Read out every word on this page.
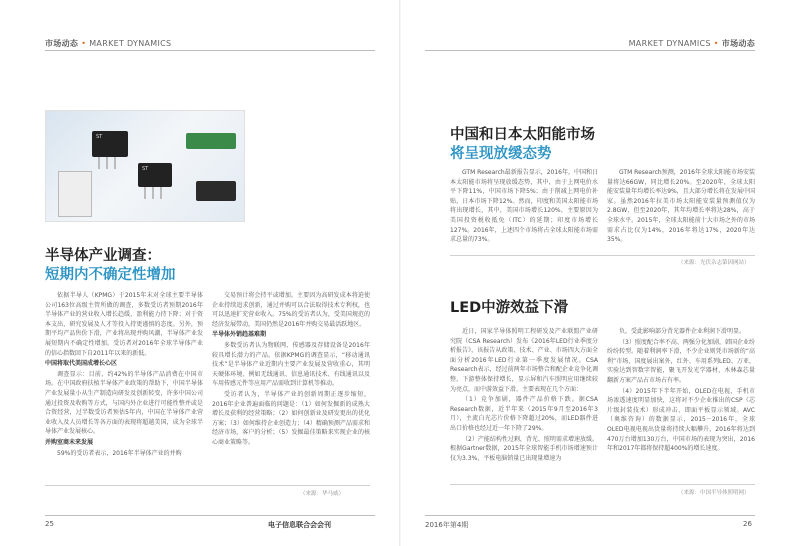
市场动态 • MARKET DYNAMICS	MARKET DYNAMICS • 市场动态
ST
ST
半导体产业调查：
短期内不确定性增加

依据半导人（KPMG）于2015年末对全球主要半导体公司163位高级主管所做的调查，多数受访者预期2016年半导体产业的营业收入增长趋缓、盈利能力持下降；对于资本支出、研究发展及人才等投入持更谨慎的态度。另外，预期平均产品售价下滑，产业将出现并购风潮，半导体产业发展短期内不确定性增加。受访者对2016年全球半导体产业的信心指数回下自2011年以来的新低。

中国将取代美国成增长心区

调查显示：目前，约42%的半导体产品消费在中国市场。在中国政府扶植半导体产业政策的帮助下，中国半导体产业发展量小从生产制造向研发及创新转变，许多中国公司通过投资及收购等方式，与国内外企业进行可能性整并或是合资经营，过半数受访者预估5年内，中国在半导体产业营业收入及人员增长等各方面的表现将超越美国，成为全球半导体产业发展核心。

并购室商未来发展

59%的受访者表示，2016年半导体产业的并购

交易预计将会持平或增加。主要因为高研发成本将迫使企业持续追求创新，通过并购可以合法取得技术专利权，也可以迅速扩充营业收入。75%的受访者认为，受美国规范的经济发展带动，美国仍然是2016年并购交易最活跃地区。

半导体外销趋基难期

多数受访者认为物联网、传感器及存储设备是2016年较具增长潜力的产品。依据KPMG的调查显示，“移动通讯技术”是半导体产业近期内主要产业发展及营收重心，其明天硬体环境、例如无线通讯、信息通讯技术、有线通讯以及车用传感元件等应用产品需收到计算机等推动。

受访者认为，半导体产业的创新周期正逐步缩短，2016年企业普遍面临的问题是：（1）如何发掘新的成熟大增长及获利的经营策略；（2）如何创新业及研发更出的优化方案；（3）如何维持企业创造力；（4）精确预测产品需求和经济市场，客户的分析；（5）发掘最佳策略来实现企业的核心商业策略等。

（来源：华马威）
中国和日本太阳能市场
将呈现放缓态势

GTM Research最新报告显示，2016年，中国和日本太阳能市场将呈现放缓态势，其中，由于上网电价水平下降11%，中国市场下降5%；由于削减上网电价补贴，日本市场下降12%。然而，印度和美国太阳能市场将出现增长，其中，美国市场增长120%，主要原因为美国投资税收抵免（ITC）的延期；印度市场增长127%。2016年，上述四个市场将占全球太阳能市场需求总量的73%。

GTM Research预测，2016年全球太阳能市场安装量将达66GW，同比增长20%。至2020年，全球太阳能安装量年均增长率达9%，且大部分增长将在发展中国家。虽然2016年拉美市场太阳能安装量预测值仅为2.8GW，但至2020年，其年均增长率将达28%，高于全球水平。2015年，全球太阳能前十大市场之外的市场需求占比仅为14%，2016年将达17%，2020年达35%。

（来源：光伏杂志第因网站）
LED中游效益下滑

近日，国家半导体照明工程研发及产业联盟产业研究院（CSA Research）发布《2016年LED行业季度分析报告》，该报告从政策、技术、产业、市场四大方面全面分析2016年LED行业第一季度发展情况。CSA Research表示，经过前两年市场整合和配企业竞争化调整，下游整体保持增长，显示屏和汽车照明应用继续较为亮点，而中游效益下滑，主要表现在几个方面：

（1）竞争加剧，器件产品价格下跌。据CSA Research数据，近半年来（2015年9月至2016年3月），主流白光芯片价格下降超过20%，而LED器件进出口价格也经过近一年下降了29%。

（2）产能结构性过剩，背光、照明需求增速放缓。根据Gartner数据，2015年全球智能手机市场增速预计仅为3.3%，平板电脑销量已出现量增速为

负，受此影响部分背光器件企业利润下滑明显。

（3）照度配合率不高、两强分化加剧，韩国企业纷纷纷转型。随着利润率下滑，不少企业则凭市场新的“高利”市场，国度展出案外，红外、车用系列LED、万亚，实验达到智数字智能，聚飞开发光学器材，木林森芯量翻新方案产品占市场占有率。

（4）2015年下半年开始，OLED在电视、手机市场渗透速度明显加快，这将对不少企业推出的CSP（芯片级封装技术）形成冲击、即面平板显示领域。AVC（奥维咨询）的数据显示，2015－2016年，全球OLED电视电视出货量将持续大幅攀升，2016年将达到470万台增加130万台，中国市场的表现为突出，2016年和2017年都将保持超400%的增长速度。

（来源：中国半导体照明网）
25	电子信息联合会会刊	2016年第4期	26
